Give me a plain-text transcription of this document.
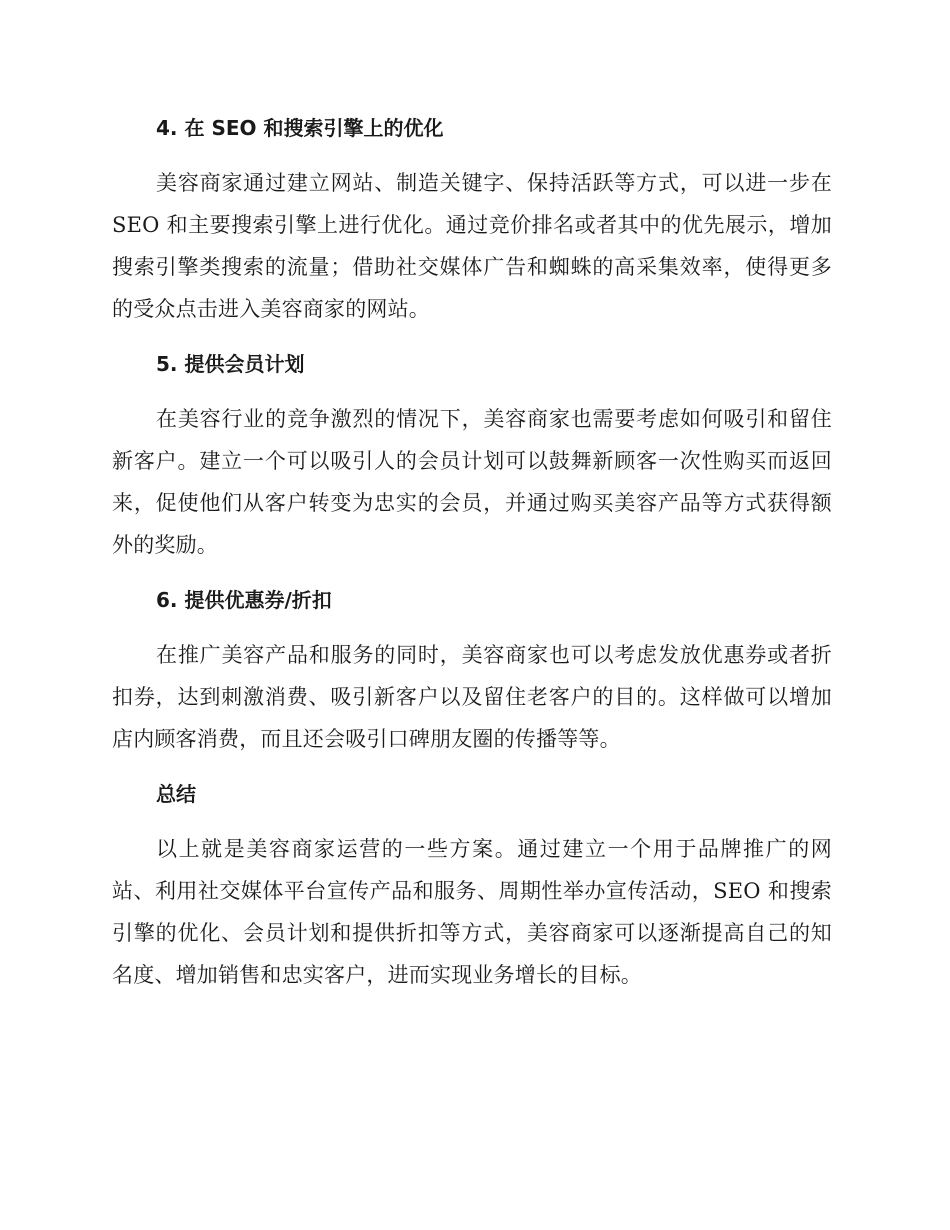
4. 在 SEO 和搜索引擎上的优化

美容商家通过建立网站、制造关键字、保持活跃等方式，可以进一步在SEO 和主要搜索引擎上进行优化。通过竞价排名或者其中的优先展示，增加搜索引擎类搜索的流量；借助社交媒体广告和蜘蛛的高采集效率，使得更多的受众点击进入美容商家的网站。

5. 提供会员计划

在美容行业的竞争激烈的情况下，美容商家也需要考虑如何吸引和留住新客户。建立一个可以吸引人的会员计划可以鼓舞新顾客一次性购买而返回来，促使他们从客户转变为忠实的会员，并通过购买美容产品等方式获得额外的奖励。

6. 提供优惠券/折扣

在推广美容产品和服务的同时，美容商家也可以考虑发放优惠券或者折扣券，达到刺激消费、吸引新客户以及留住老客户的目的。这样做可以增加店内顾客消费，而且还会吸引口碑朋友圈的传播等等。

总结

以上就是美容商家运营的一些方案。通过建立一个用于品牌推广的网站、利用社交媒体平台宣传产品和服务、周期性举办宣传活动，SEO 和搜索引擎的优化、会员计划和提供折扣等方式，美容商家可以逐渐提高自己的知名度、增加销售和忠实客户，进而实现业务增长的目标。
